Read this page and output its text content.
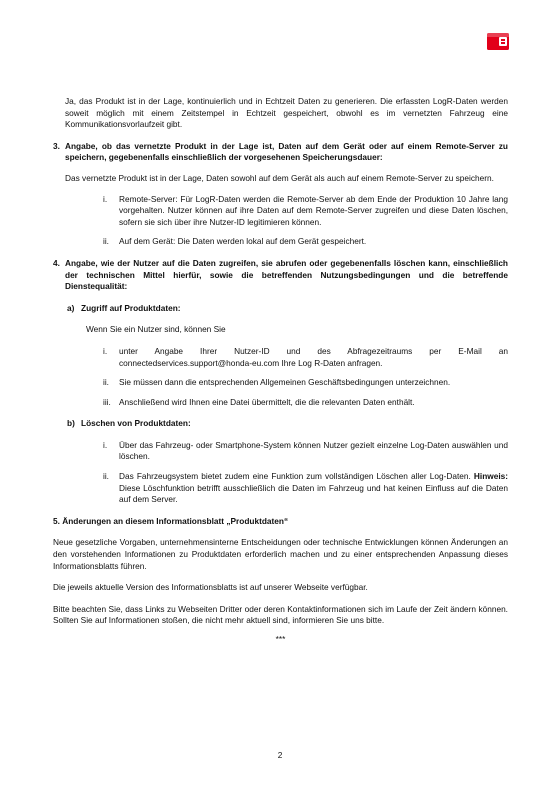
Ja, das Produkt ist in der Lage, kontinuierlich und in Echtzeit Daten zu generieren. Die erfassten LogR-Daten werden soweit möglich mit einem Zeitstempel in Echtzeit gespeichert, obwohl es im vernetzten Fahrzeug eine Kommunikationsvorlaufzeit gibt.

3. Angabe, ob das vernetzte Produkt in der Lage ist, Daten auf dem Gerät oder auf einem Remote-Server zu speichern, gegebenenfalls einschließlich der vorgesehenen Speicherungsdauer:

Das vernetzte Produkt ist in der Lage, Daten sowohl auf dem Gerät als auch auf einem Remote-Server zu speichern.

i.	Remote-Server: Für LogR-Daten werden die Remote-Server ab dem Ende der Produktion 10 Jahre lang vorgehalten. Nutzer können auf ihre Daten auf dem Remote-Server zugreifen und diese Daten löschen, sofern sie sich über ihre Nutzer-ID legitimieren können.
ii.	Auf dem Gerät: Die Daten werden lokal auf dem Gerät gespeichert.
4. Angabe, wie der Nutzer auf die Daten zugreifen, sie abrufen oder gegebenenfalls löschen kann, einschließlich der technischen Mittel hierfür, sowie die betreffenden Nutzungsbedingungen und die betreffende Dienstequalität:
a) Zugriff auf Produktdaten:

Wenn Sie ein Nutzer sind, können Sie

i.	unter Angabe Ihrer Nutzer-ID und des Abfragezeitraums per E-Mail an connectedservices.support@honda-eu.com Ihre Log R-Daten anfragen.
ii.	Sie müssen dann die entsprechenden Allgemeinen Geschäftsbedingungen unterzeichnen.
iii. Anschließend wird Ihnen eine Datei übermittelt, die die relevanten Daten enthält.
b) Löschen von Produktdaten:
i.	Über das Fahrzeug- oder Smartphone-System können Nutzer gezielt einzelne Log-Daten auswählen und löschen.
ii.	Das Fahrzeugsystem bietet zudem eine Funktion zum vollständigen Löschen aller Log-Daten. Hinweis: Diese Löschfunktion betrifft ausschließlich die Daten im Fahrzeug und hat keinen Einfluss auf die Daten auf dem Server.

5. Änderungen an diesem Informationsblatt „Produktdaten“

Neue gesetzliche Vorgaben, unternehmensinterne Entscheidungen oder technische Entwicklungen können Änderungen an den vorstehenden Informationen zu Produktdaten erforderlich machen und zu einer entsprechenden Anpassung dieses Informationsblatts führen.

Die jeweils aktuelle Version des Informationsblatts ist auf unserer Webseite verfügbar.

Bitte beachten Sie, dass Links zu Webseiten Dritter oder deren Kontaktinformationen sich im Laufe der Zeit ändern können. Sollten Sie auf Informationen stoßen, die nicht mehr aktuell sind, informieren Sie uns bitte.

***

2
